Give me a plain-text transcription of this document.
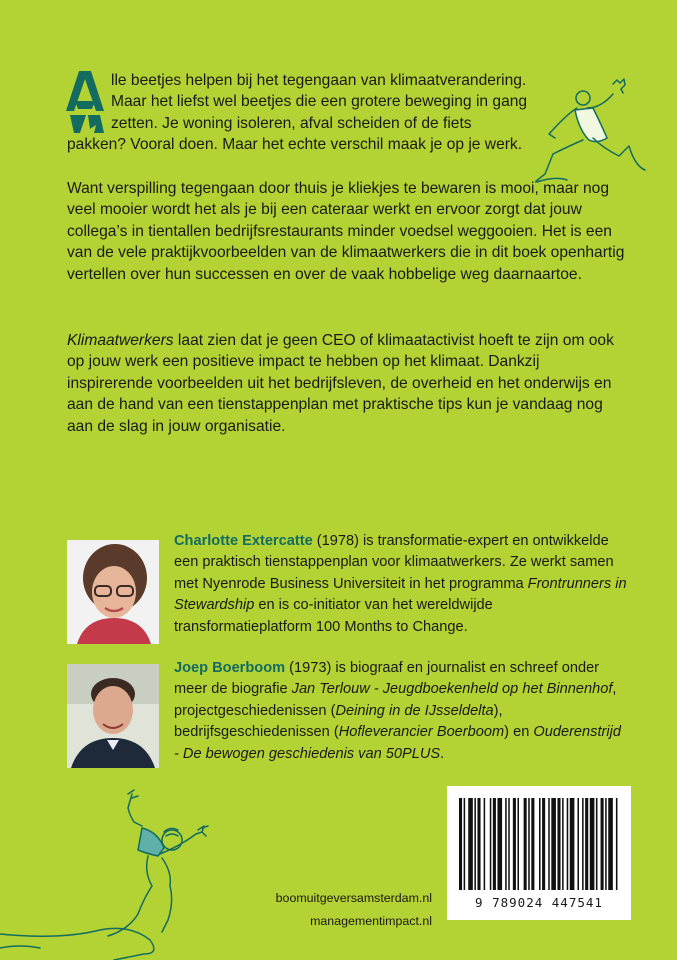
lle beetjes helpen bij het tegengaan van klimaatverandering.
Maar het liefst wel beetjes die een grotere beweging in gang
zetten. Je woning isoleren, afval scheiden of de fiets
pakken? Vooral doen. Maar het echte verschil maak je op je werk.

Want verspilling tegengaan door thuis je kliekjes te bewaren is mooi, maar nog veel mooier wordt het als je bij een cateraar werkt en ervoor zorgt dat jouw collega’s in tientallen bedrijfsrestaurants minder voedsel weggooien. Het is een van de vele praktijkvoorbeelden van de klimaatwerkers die in dit boek openhartig vertellen over hun successen en over de vaak hobbelige weg daarnaartoe.

Klimaatwerkers laat zien dat je geen CEO of klimaatactivist hoeft te zijn om ook op jouw werk een positieve impact te hebben op het klimaat. Dankzij inspirerende voorbeelden uit het bedrijfsleven, de overheid en het onderwijs en aan de hand van een tienstappenplan met praktische tips kun je vandaag nog aan de slag in jouw organisatie.

Charlotte Extercatte (1978) is transformatie-expert en ontwikkelde een praktisch tienstappenplan voor klimaatwerkers. Ze werkt samen met Nyenrode Business Universiteit in het programma Frontrunners in Stewardship en is co-initiator van het wereldwijde transformatieplatform 100 Months to Change.

Joep Boerboom (1973) is biograaf en journalist en schreef onder meer de biografie Jan Terlouw - Jeugdboekenheld op het Binnenhof, projectgeschiedenissen (Deining in de IJsseldelta), bedrijfsgeschiedenissen (Hofleverancier Boerboom) en Ouderenstrijd - De bewogen geschiedenis van 50PLUS.

boomuitgeversamsterdam.nl
managementimpact.nl
9 789024 447541
